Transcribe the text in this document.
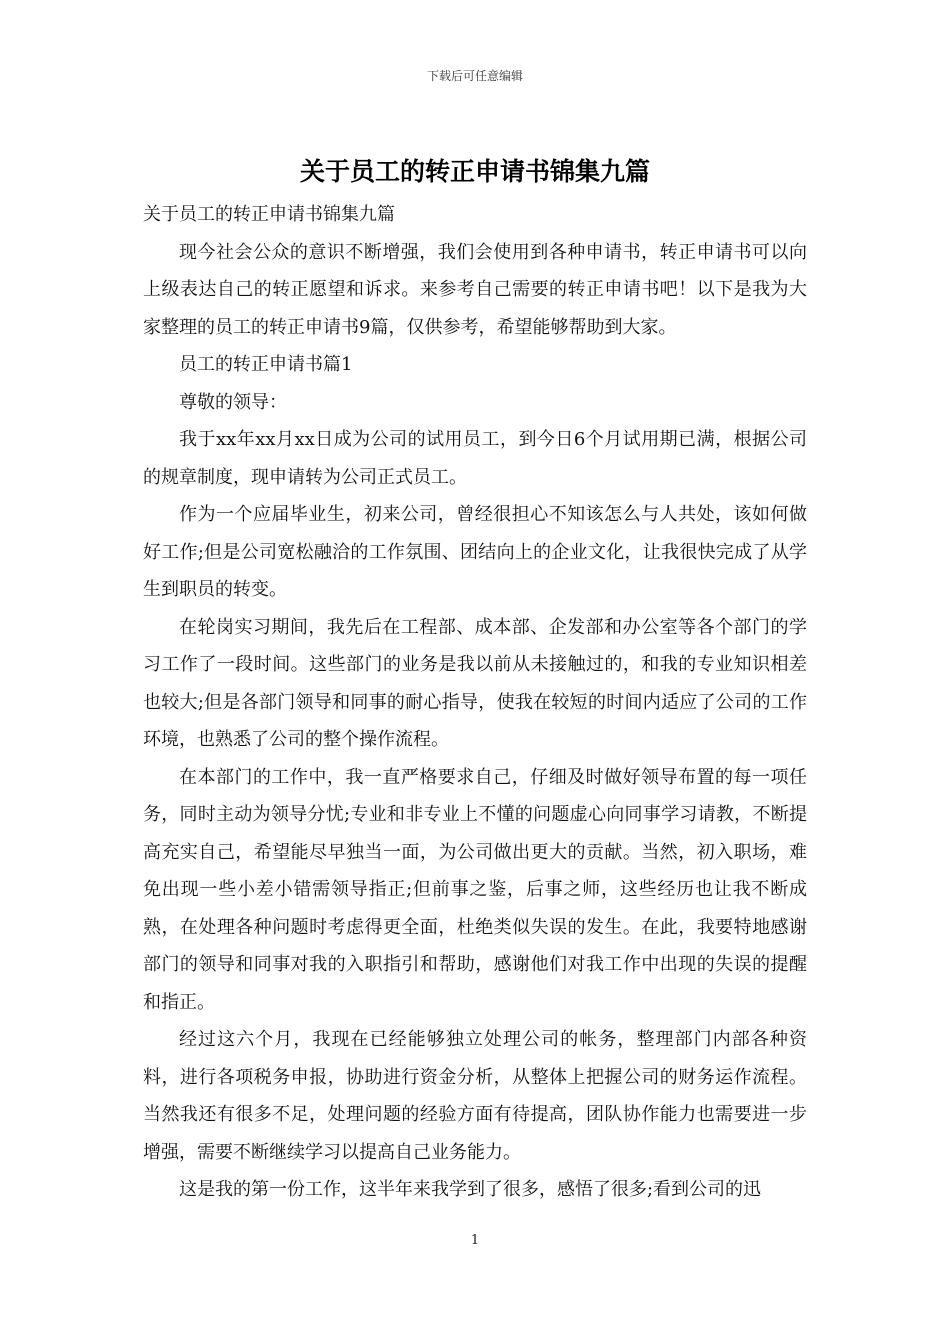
下载后可任意编辑
关于员工的转正申请书锦集九篇

关于员工的转正申请书锦集九篇

现今社会公众的意识不断增强，我们会使用到各种申请书，转正申请书可以向上级表达自己的转正愿望和诉求。来参考自己需要的转正申请书吧！以下是我为大家整理的员工的转正申请书9篇，仅供参考，希望能够帮助到大家。

员工的转正申请书篇1

尊敬的领导：

我于xx年xx月xx日成为公司的试用员工，到今日6个月试用期已满，根据公司的规章制度，现申请转为公司正式员工。

作为一个应届毕业生，初来公司，曾经很担心不知该怎么与人共处，该如何做好工作;但是公司宽松融洽的工作氛围、团结向上的企业文化，让我很快完成了从学生到职员的转变。

在轮岗实习期间，我先后在工程部、成本部、企发部和办公室等各个部门的学习工作了一段时间。这些部门的业务是我以前从未接触过的，和我的专业知识相差也较大;但是各部门领导和同事的耐心指导，使我在较短的时间内适应了公司的工作环境，也熟悉了公司的整个操作流程。

在本部门的工作中，我一直严格要求自己，仔细及时做好领导布置的每一项任务，同时主动为领导分忧;专业和非专业上不懂的问题虚心向同事学习请教，不断提高充实自己，希望能尽早独当一面，为公司做出更大的贡献。当然，初入职场，难免出现一些小差小错需领导指正;但前事之鉴，后事之师，这些经历也让我不断成熟，在处理各种问题时考虑得更全面，杜绝类似失误的发生。在此，我要特地感谢部门的领导和同事对我的入职指引和帮助，感谢他们对我工作中出现的失误的提醒和指正。

经过这六个月，我现在已经能够独立处理公司的帐务，整理部门内部各种资料，进行各项税务申报，协助进行资金分析，从整体上把握公司的财务运作流程。当然我还有很多不足，处理问题的经验方面有待提高，团队协作能力也需要进一步增强，需要不断继续学习以提高自己业务能力。

这是我的第一份工作，这半年来我学到了很多，感悟了很多;看到公司的迅

1
